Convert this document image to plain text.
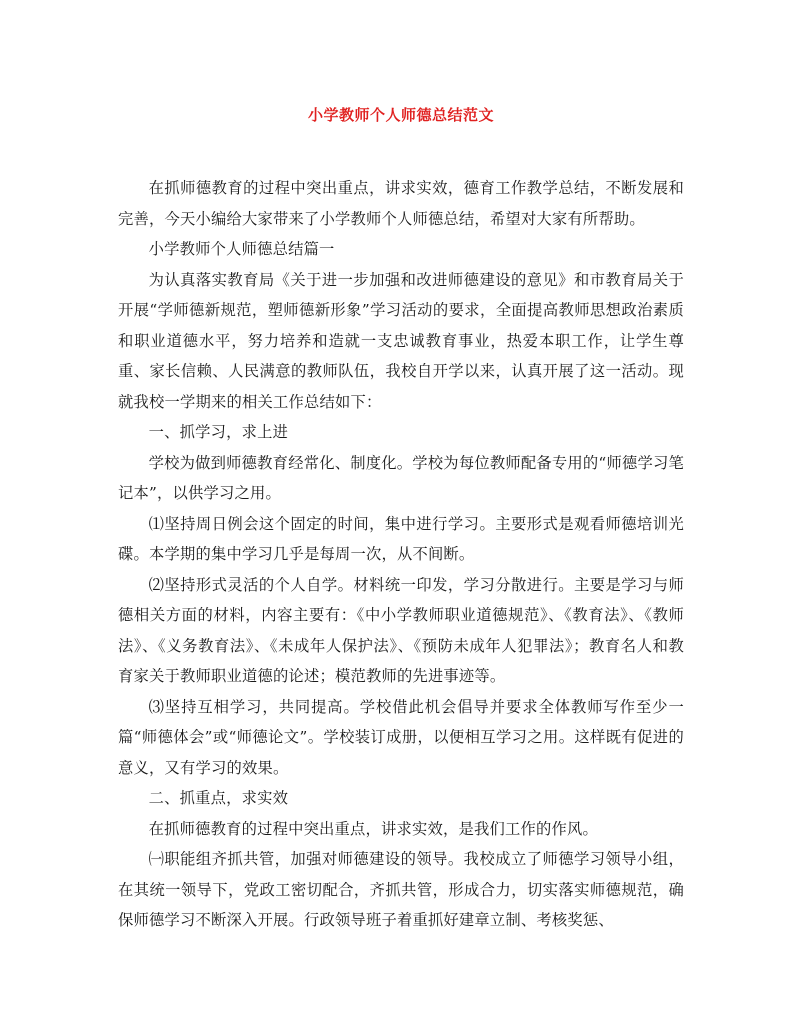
小学教师个人师德总结范文

在抓师德教育的过程中突出重点，讲求实效，德育工作教学总结，不断发展和完善，今天小编给大家带来了小学教师个人师德总结，希望对大家有所帮助。

小学教师个人师德总结篇一

为认真落实教育局《关于进一步加强和改进师德建设的意见》和市教育局关于开展“学师德新规范，塑师德新形象”学习活动的要求，全面提高教师思想政治素质和职业道德水平，努力培养和造就一支忠诚教育事业，热爱本职工作，让学生尊重、家长信赖、人民满意的教师队伍，我校自开学以来，认真开展了这一活动。现就我校一学期来的相关工作总结如下：

一、抓学习，求上进

学校为做到师德教育经常化、制度化。学校为每位教师配备专用的“师德学习笔记本”，以供学习之用。

⑴坚持周日例会这个固定的时间，集中进行学习。主要形式是观看师德培训光碟。本学期的集中学习几乎是每周一次，从不间断。

⑵坚持形式灵活的个人自学。材料统一印发，学习分散进行。主要是学习与师德相关方面的材料，内容主要有：《中小学教师职业道德规范》、《教育法》、《教师法》、《义务教育法》、《未成年人保护法》、《预防未成年人犯罪法》；教育名人和教育家关于教师职业道德的论述；模范教师的先进事迹等。

⑶坚持互相学习，共同提高。学校借此机会倡导并要求全体教师写作至少一篇“师德体会”或“师德论文”。学校装订成册，以便相互学习之用。这样既有促进的意义，又有学习的效果。

二、抓重点，求实效

在抓师德教育的过程中突出重点，讲求实效，是我们工作的作风。

㈠职能组齐抓共管，加强对师德建设的领导。我校成立了师德学习领导小组，在其统一领导下，党政工密切配合，齐抓共管，形成合力，切实落实师德规范，确保师德学习不断深入开展。行政领导班子着重抓好建章立制、考核奖惩、
